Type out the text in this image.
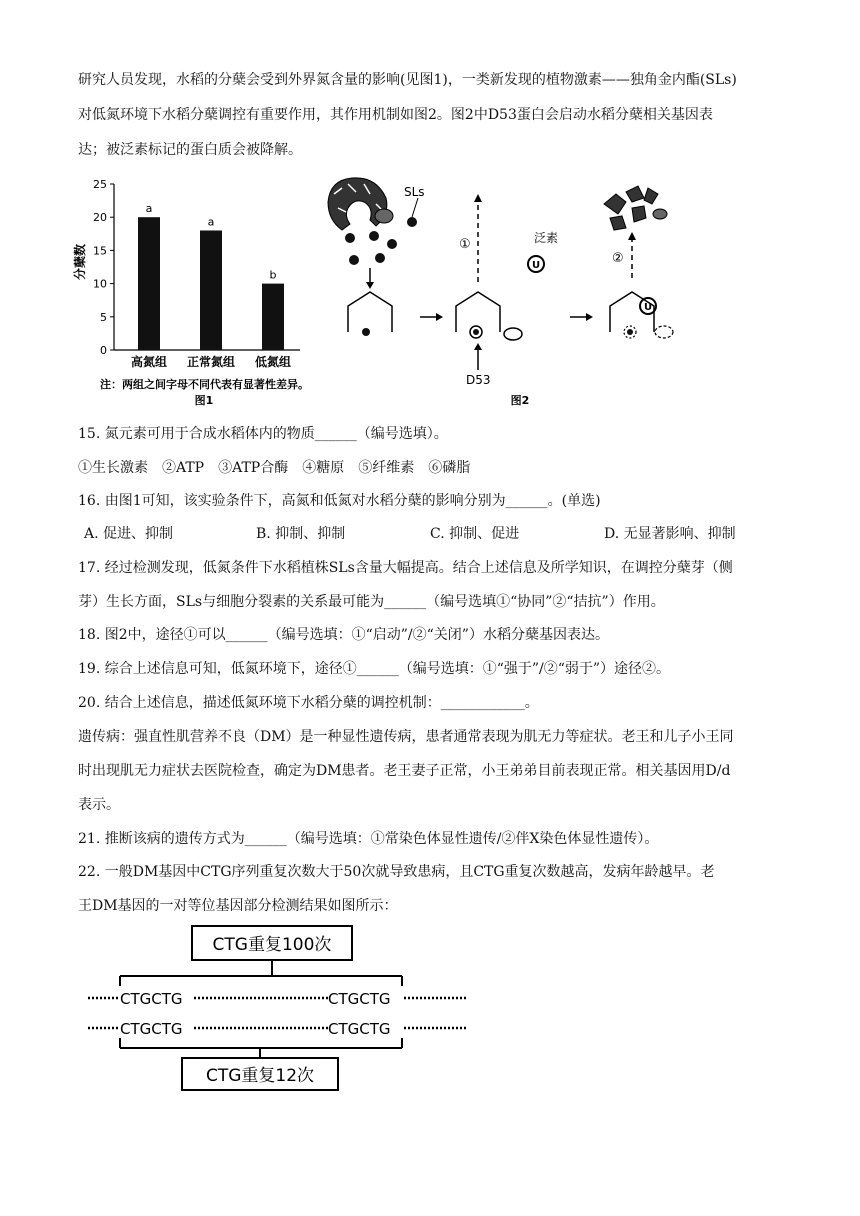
研究人员发现，水稻的分蘖会受到外界氮含量的影响(见图1)，一类新发现的植物激素——独角金内酯(SLs)
对低氮环境下水稻分蘖调控有重要作用，其作用机制如图2。图2中D53蛋白会启动水稻分蘖相关基因表
达；被泛素标记的蛋白质会被降解。
分蘖数
0
5
10
15
20
25
a
高氮组
a
正常氮组
b
低氮组
注：两组之间字母不同代表有显著性差异。
图1
SLs
①
D53
泛素
U
U
②
图2
15. 氮元素可用于合成水稻体内的物质______（编号选填）。
①生长激素　②ATP　③ATP合酶　④糖原　⑤纤维素　⑥磷脂
16. 由图1可知，该实验条件下，高氮和低氮对水稻分蘖的影响分别为______。(单选)
A. 促进、抑制	B. 抑制、抑制	C. 抑制、促进	D. 无显著影响、抑制
17. 经过检测发现，低氮条件下水稻植株SLs含量大幅提高。结合上述信息及所学知识，在调控分蘖芽（侧
芽）生长方面，SLs与细胞分裂素的关系最可能为______（编号选填①“协同”②“拮抗”）作用。
18. 图2中，途径①可以______（编号选填：①“启动”/②“关闭”）水稻分蘖基因表达。
19. 综合上述信息可知，低氮环境下，途径①______（编号选填：①“强于”/②“弱于”）途径②。
20. 结合上述信息，描述低氮环境下水稻分蘖的调控机制：____________。
遗传病：强直性肌营养不良（DM）是一种显性遗传病，患者通常表现为肌无力等症状。老王和儿子小王同
时出现肌无力症状去医院检查，确定为DM患者。老王妻子正常，小王弟弟目前表现正常。相关基因用D/d
表示。
21. 推断该病的遗传方式为______（编号选填：①常染色体显性遗传/②伴X染色体显性遗传）。
22. 一般DM基因中CTG序列重复次数大于50次就导致患病，且CTG重复次数越高，发病年龄越早。老
王DM基因的一对等位基因部分检测结果如图所示：
CTG重复100次
CTGCTG	CTGCTG
CTGCTG	CTGCTG
CTG重复12次
